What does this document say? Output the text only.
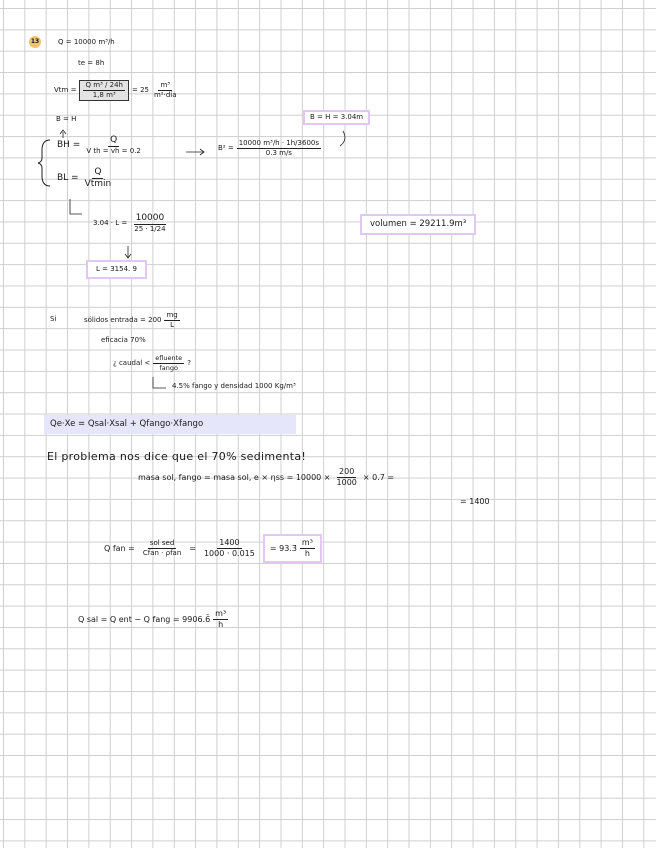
13	Q = 10000 m³/h
te = 8h
Vtm = $\frac{\text{Q m³ / 24h}}{\text{1,8 m³}} = 25 \frac{\text{m³}}{\text{m²·día}}$
B = H	B = H = 3.04m
BH = $\frac{Q}{\text{V th = vh = 0.2}}$	$B^2 = \frac{\text{10000 m³/h · 1h/3600s}}{0.3 m/s}$
BL = $\frac{Q}{Vtmin}$
$3.04 \cdot L = \frac{10000}{25 \cdot 1/24}$	volumen = 29211.9m³
L = 3154. 9
Si	sólidos entrada = $200 \frac{mg}{L}$
eficacia 70%
¿ caudal < $\frac{\text{efluente}}{\text{fango}}$ ?
4.5% fango y densidad 1000 Kg/m³
Qe·Xe = Qsal·Xsal + Qfango·Xfango
El problema nos dice que el 70% sedimenta!
masa sol, fango = masa sol, $e \times \eta ss = 10000 \times \frac{200}{1000} \times 0.7$ =
= 1400
Q fan = $\frac{\text{sol sed}}{\text{Cfan · ρfan}} = \frac{1400}{1000 \cdot 0.015}$ = 93.3̄ $\frac{\text{m³}}{h}$
Q sal = Q ent − Q fang = 9906.6̄ $\frac{\text{m³}}{h}$
